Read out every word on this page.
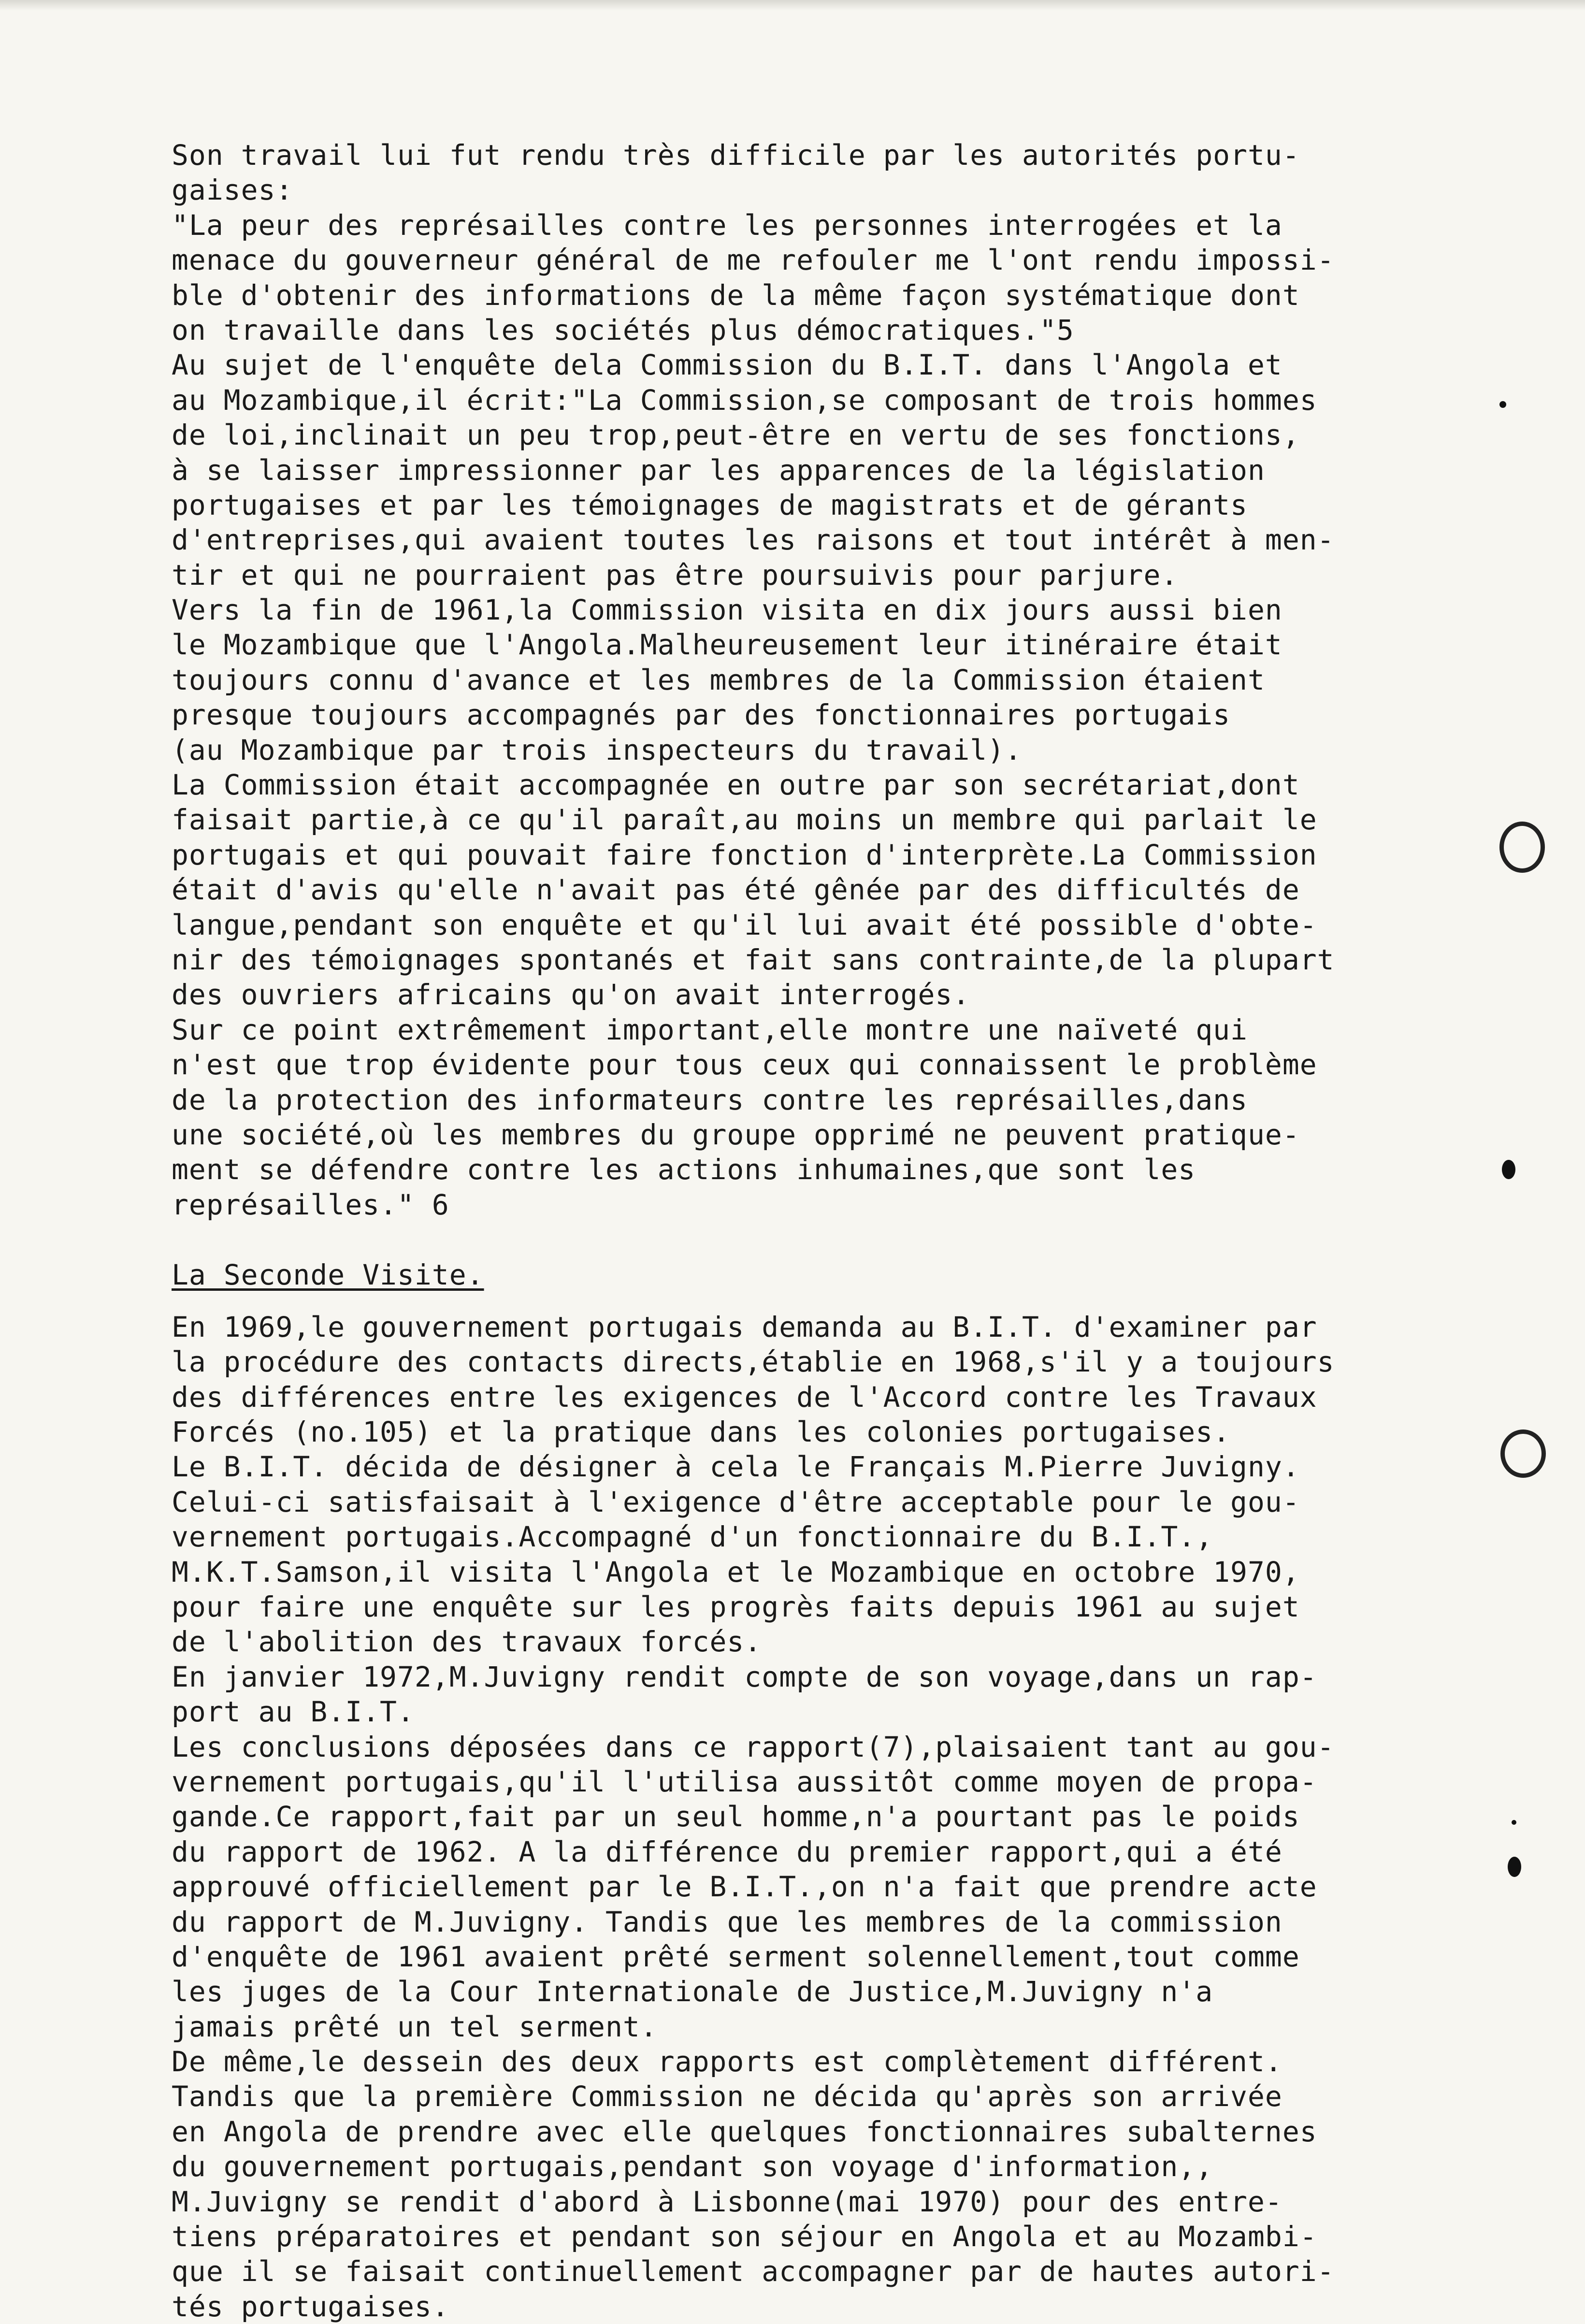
Son travail lui fut rendu très difficile par les autorités portu-
gaises:
"La peur des représailles contre les personnes interrogées et la
menace du gouverneur général de me refouler me l'ont rendu impossi-
ble d'obtenir des informations de la même façon systématique dont
on travaille dans les sociétés plus démocratiques."5
Au sujet de l'enquête dela Commission du B.I.T. dans l'Angola et
au Mozambique,il écrit:"La Commission,se composant de trois hommes
de loi,inclinait un peu trop,peut-être en vertu de ses fonctions,
à se laisser impressionner par les apparences de la législation
portugaises et par les témoignages de magistrats et de gérants
d'entreprises,qui avaient toutes les raisons et tout intérêt à men-
tir et qui ne pourraient pas être poursuivis pour parjure.
Vers la fin de 1961,la Commission visita en dix jours aussi bien
le Mozambique que l'Angola.Malheureusement leur itinéraire était
toujours connu d'avance et les membres de la Commission étaient
presque toujours accompagnés par des fonctionnaires portugais
(au Mozambique par trois inspecteurs du travail).
La Commission était accompagnée en outre par son secrétariat,dont
faisait partie,à ce qu'il paraît,au moins un membre qui parlait le
portugais et qui pouvait faire fonction d'interprète.La Commission
était d'avis qu'elle n'avait pas été gênée par des difficultés de
langue,pendant son enquête et qu'il lui avait été possible d'obte-
nir des témoignages spontanés et fait sans contrainte,de la plupart
des ouvriers africains qu'on avait interrogés.
Sur ce point extrêmement important,elle montre une naïveté qui
n'est que trop évidente pour tous ceux qui connaissent le problème
de la protection des informateurs contre les représailles,dans
une société,où les membres du groupe opprimé ne peuvent pratique-
ment se défendre contre les actions inhumaines,que sont les
représailles." 6
La Seconde Visite.
En 1969,le gouvernement portugais demanda au B.I.T. d'examiner par
la procédure des contacts directs,établie en 1968,s'il y a toujours
des différences entre les exigences de l'Accord contre les Travaux
Forcés (no.105) et la pratique dans les colonies portugaises.
Le B.I.T. décida de désigner à cela le Français M.Pierre Juvigny.
Celui-ci satisfaisait à l'exigence d'être acceptable pour le gou-
vernement portugais.Accompagné d'un fonctionnaire du B.I.T.,
M.K.T.Samson,il visita l'Angola et le Mozambique en octobre 1970,
pour faire une enquête sur les progrès faits depuis 1961 au sujet
de l'abolition des travaux forcés.
En janvier 1972,M.Juvigny rendit compte de son voyage,dans un rap-
port au B.I.T.
Les conclusions déposées dans ce rapport(7),plaisaient tant au gou-
vernement portugais,qu'il l'utilisa aussitôt comme moyen de propa-
gande.Ce rapport,fait par un seul homme,n'a pourtant pas le poids
du rapport de 1962. A la différence du premier rapport,qui a été
approuvé officiellement par le B.I.T.,on n'a fait que prendre acte
du rapport de M.Juvigny. Tandis que les membres de la commission
d'enquête de 1961 avaient prêté serment solennellement,tout comme
les juges de la Cour Internationale de Justice,M.Juvigny n'a
jamais prêté un tel serment.
De même,le dessein des deux rapports est complètement différent.
Tandis que la première Commission ne décida qu'après son arrivée
en Angola de prendre avec elle quelques fonctionnaires subalternes
du gouvernement portugais,pendant son voyage d'information,,
M.Juvigny se rendit d'abord à Lisbonne(mai 1970) pour des entre-
tiens préparatoires et pendant son séjour en Angola et au Mozambi-
que il se faisait continuellement accompagner par de hautes autori-
tés portugaises.
